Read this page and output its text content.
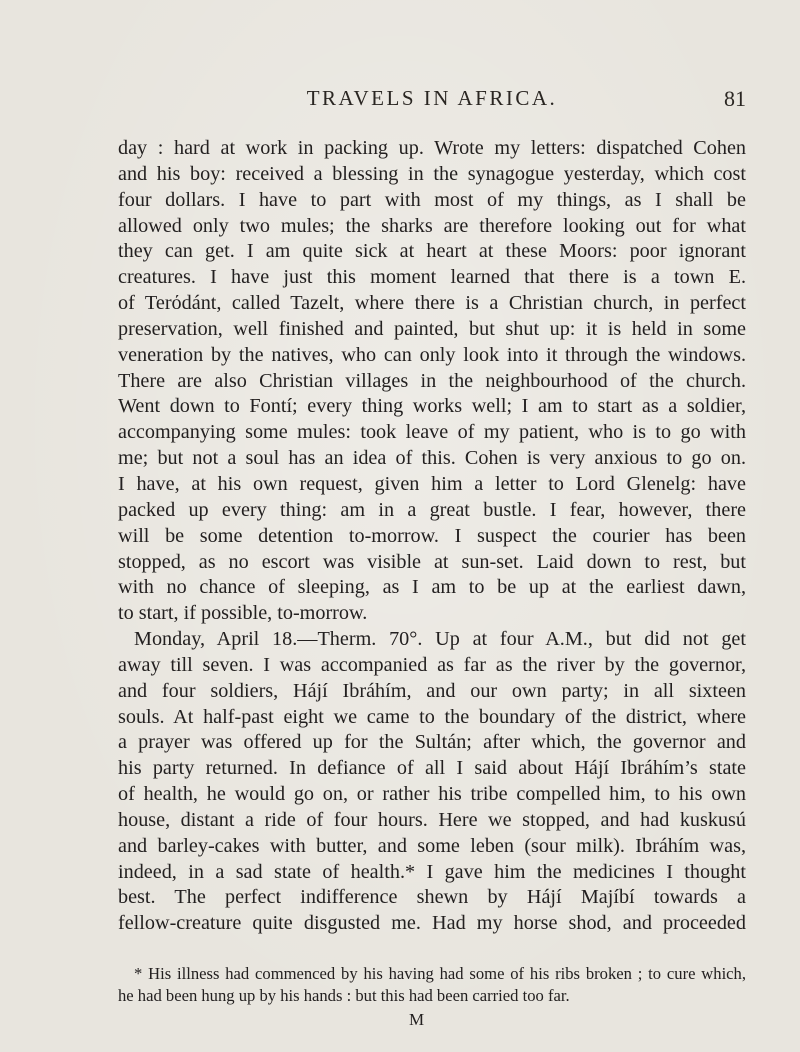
TRAVELS IN AFRICA.	81
day : hard at work in packing up. Wrote my letters: dispatched Cohen
and his boy: received a blessing in the synagogue yesterday, which cost
four dollars. I have to part with most of my things, as I shall be
allowed only two mules; the sharks are therefore looking out for what
they can get. I am quite sick at heart at these Moors: poor ignorant
creatures. I have just this moment learned that there is a town E.
of Terόdánt, called Tazelt, where there is a Christian church, in perfect
preservation, well finished and painted, but shut up: it is held in some
veneration by the natives, who can only look into it through the windows.
There are also Christian villages in the neighbourhood of the church.
Went down to Fontí; every thing works well; I am to start as a soldier,
accompanying some mules: took leave of my patient, who is to go with
me; but not a soul has an idea of this. Cohen is very anxious to go on.
I have, at his own request, given him a letter to Lord Glenelg: have
packed up every thing: am in a great bustle. I fear, however, there
will be some detention to-morrow. I suspect the courier has been
stopped, as no escort was visible at sun-set. Laid down to rest, but
with no chance of sleeping, as I am to be up at the earliest dawn,
to start, if possible, to-morrow.
Monday, April 18.—Therm. 70°. Up at four A.M., but did not get
away till seven. I was accompanied as far as the river by the governor,
and four soldiers, Hájí Ibráhím, and our own party; in all sixteen
souls. At half-past eight we came to the boundary of the district, where
a prayer was offered up for the Sultán; after which, the governor and
his party returned. In defiance of all I said about Hájí Ibráhím’s state
of health, he would go on, or rather his tribe compelled him, to his own
house, distant a ride of four hours. Here we stopped, and had kuskusú
and barley-cakes with butter, and some leben (sour milk). Ibráhím was,
indeed, in a sad state of health.* I gave him the medicines I thought
best. The perfect indifference shewn by Hájí Majíbí towards a
fellow-creature quite disgusted me. Had my horse shod, and proceeded
* His illness had commenced by his having had some of his ribs broken ; to cure which,
he had been hung up by his hands : but this had been carried too far.
M
